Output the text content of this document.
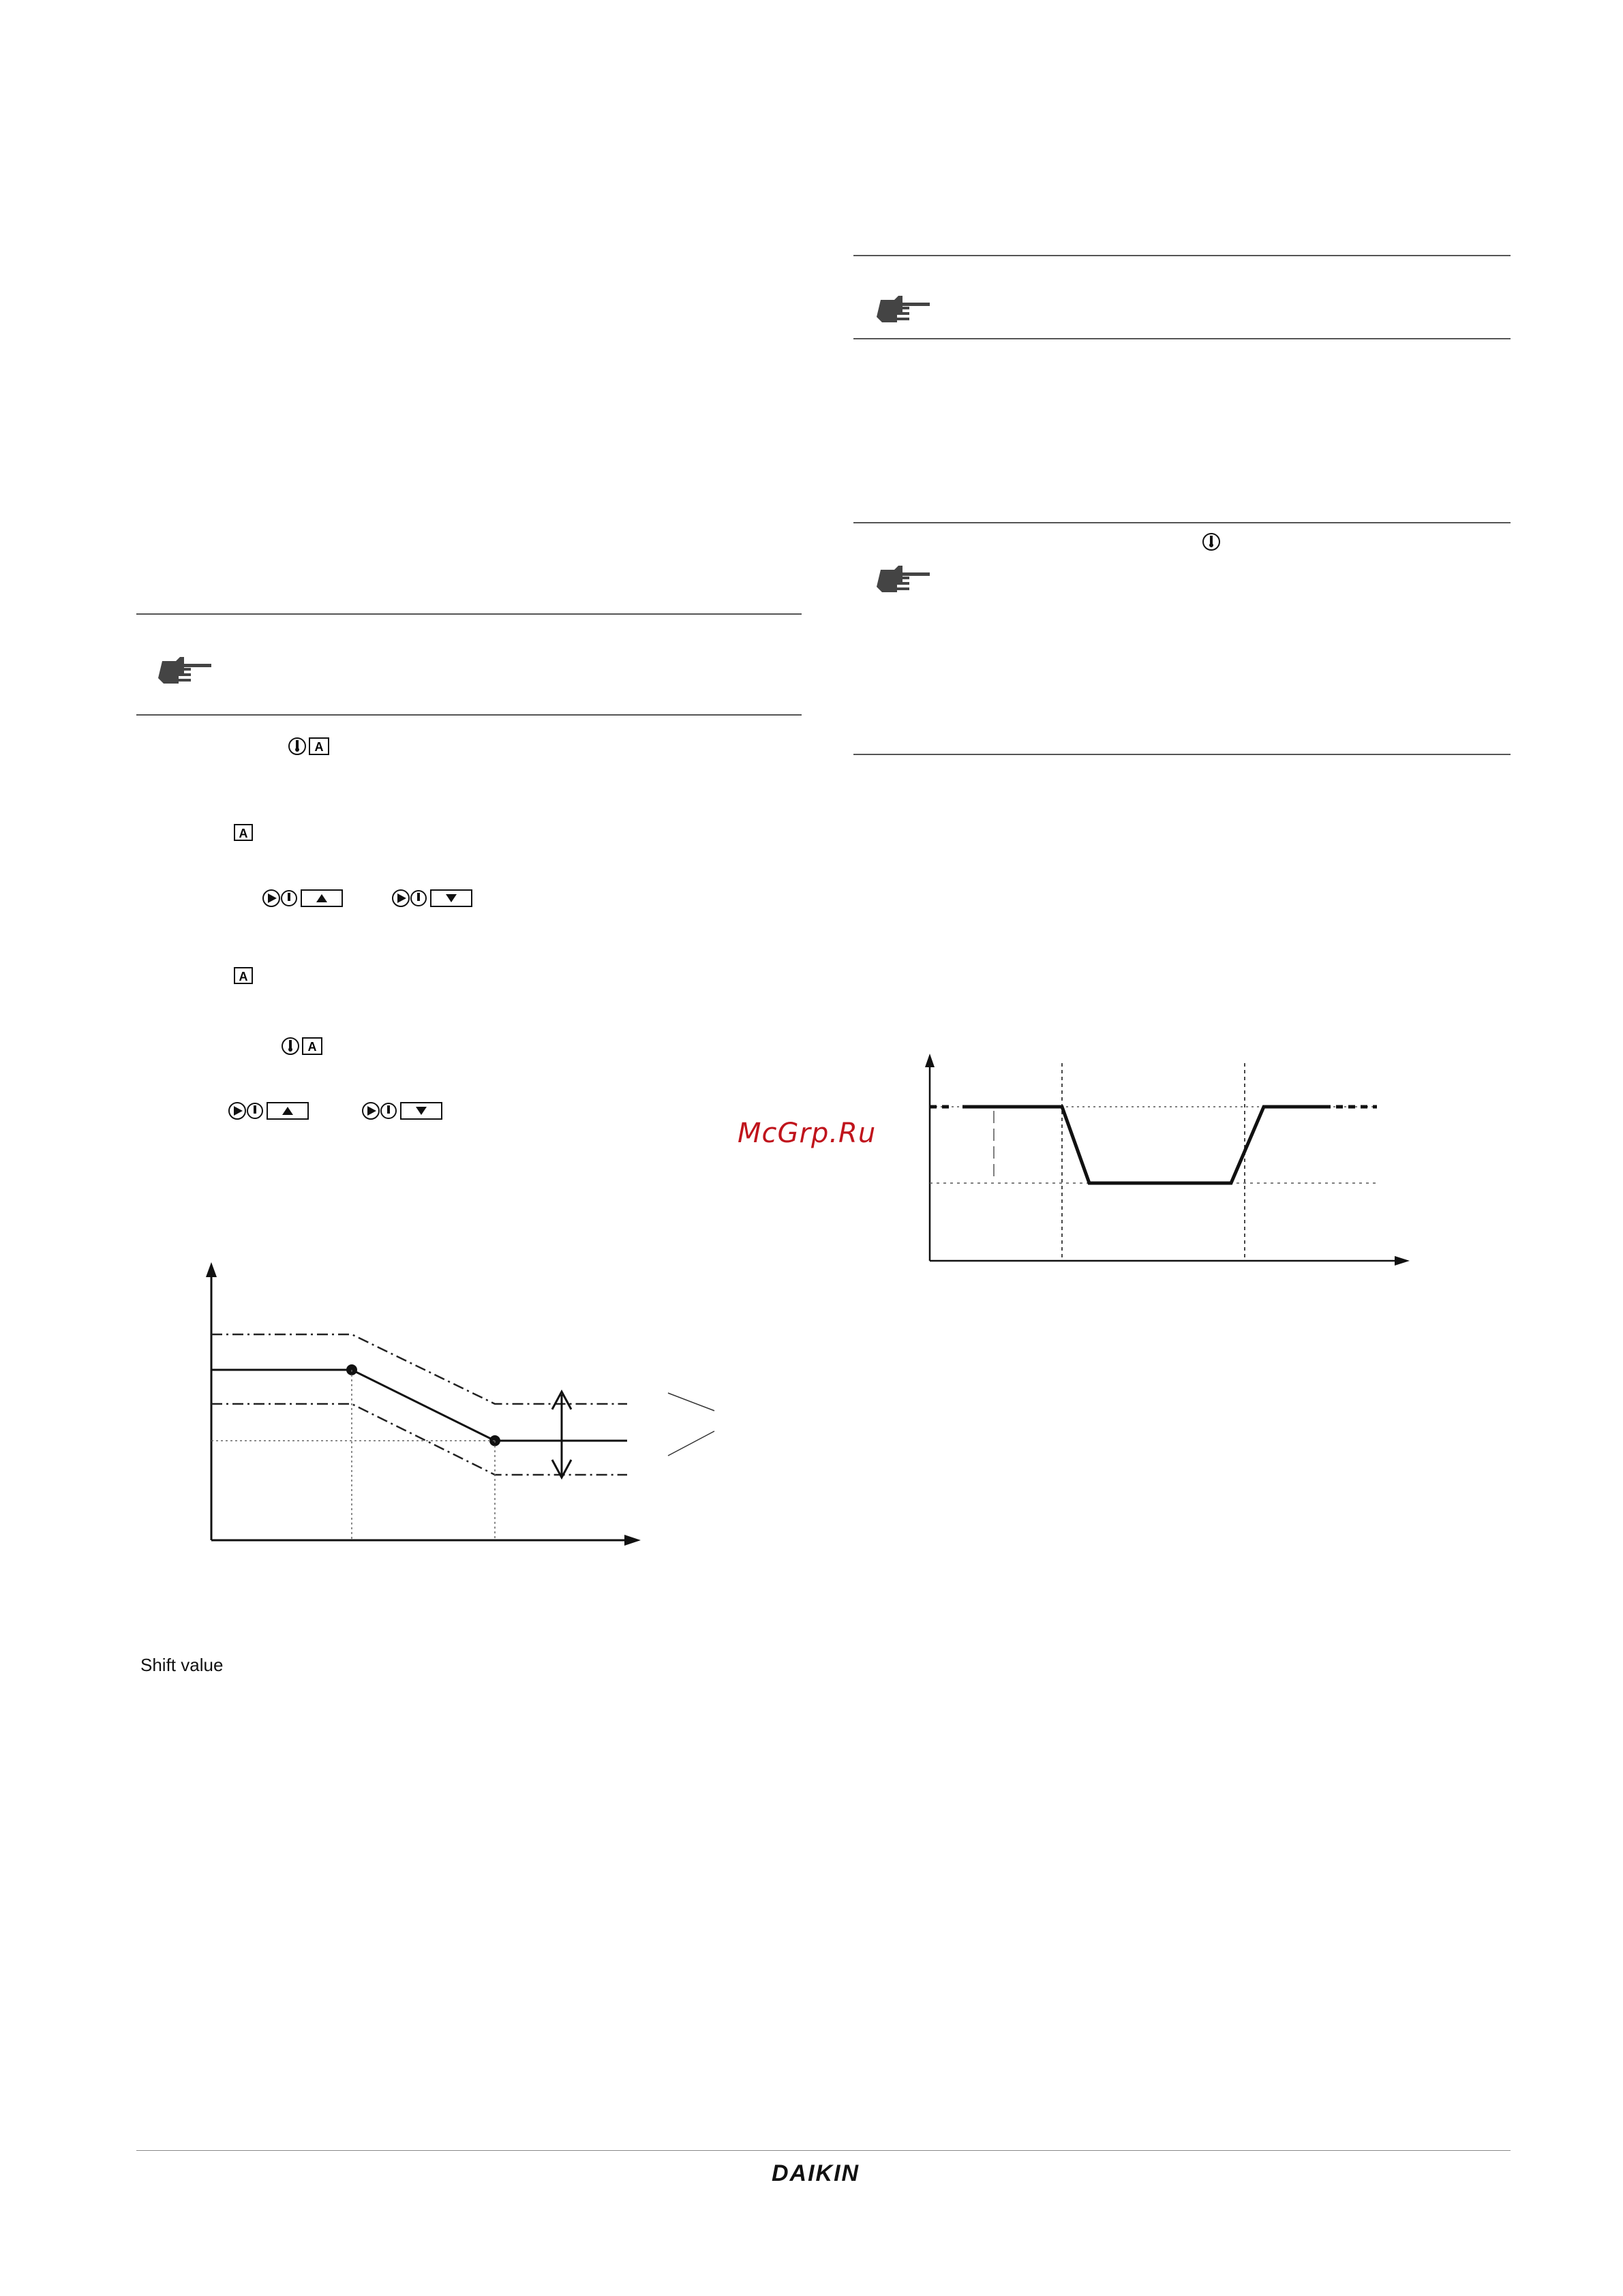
A
A
A
A
Shift value
McGrp.Ru
DAIKIN
